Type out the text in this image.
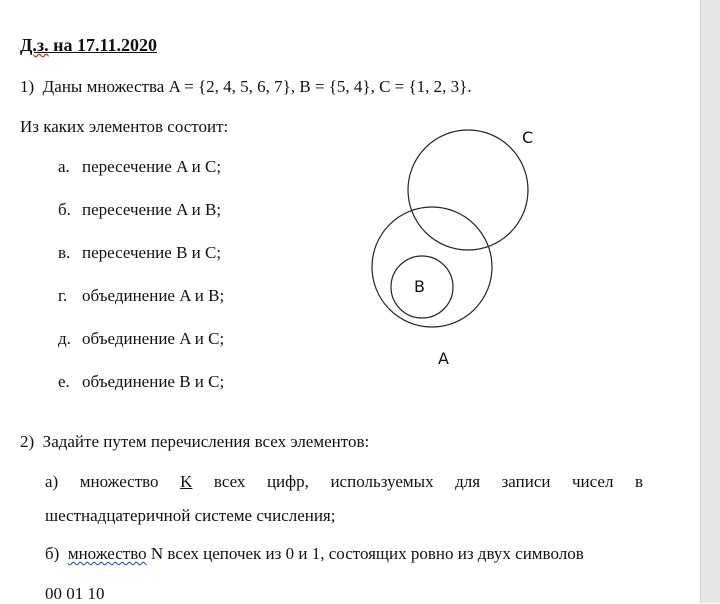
Д.з. на 17.11.2020
1) Даны множества A = {2, 4, 5, 6, 7}, B = {5, 4}, C = {1, 2, 3}.
Из каких элементов состоит:
а. пересечение A и C;
б. пересечение A и B;
в. пересечение B и C;
г. объединение A и B;
д. объединение A и C;
е. объединение B и C;
C
B
A
2) Задайте путем перечисления всех элементов:
а) множество K всех цифр, используемых для записи чисел в
шестнадцатеричной системе счисления;
б) множество N всех цепочек из 0 и 1, состоящих ровно из двух символов
00 01 10
